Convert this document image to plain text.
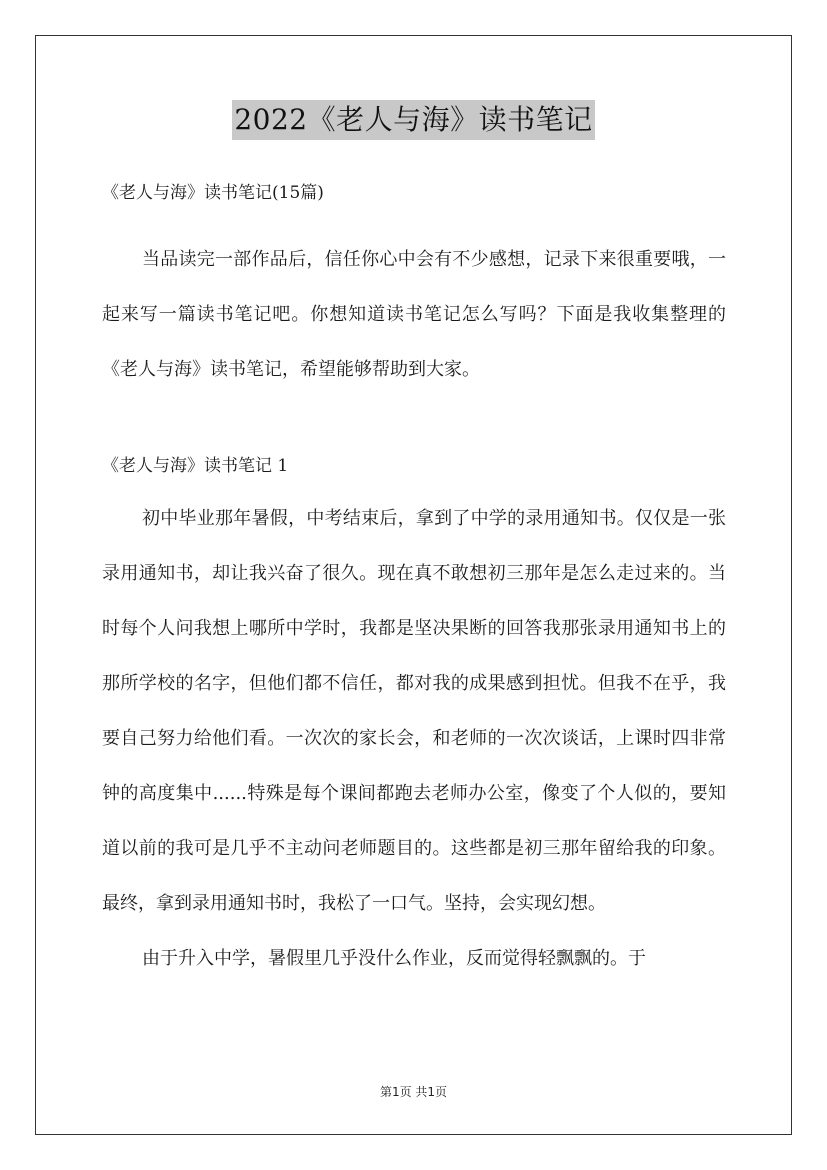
2022《老人与海》读书笔记

《老人与海》读书笔记(15篇)

当品读完一部作品后，信任你心中会有不少感想，记录下来很重要哦，一起来写一篇读书笔记吧。你想知道读书笔记怎么写吗？下面是我收集整理的《老人与海》读书笔记，希望能够帮助到大家。

《老人与海》读书笔记 1

初中毕业那年暑假，中考结束后，拿到了中学的录用通知书。仅仅是一张录用通知书，却让我兴奋了很久。现在真不敢想初三那年是怎么走过来的。当时每个人问我想上哪所中学时，我都是坚决果断的回答我那张录用通知书上的那所学校的名字，但他们都不信任，都对我的成果感到担忧。但我不在乎，我要自己努力给他们看。一次次的家长会，和老师的一次次谈话，上课时四非常钟的高度集中......特殊是每个课间都跑去老师办公室，像变了个人似的，要知道以前的我可是几乎不主动问老师题目的。这些都是初三那年留给我的印象。最终，拿到录用通知书时，我松了一口气。坚持，会实现幻想。

由于升入中学，暑假里几乎没什么作业，反而觉得轻飘飘的。于

第1页 共1页
